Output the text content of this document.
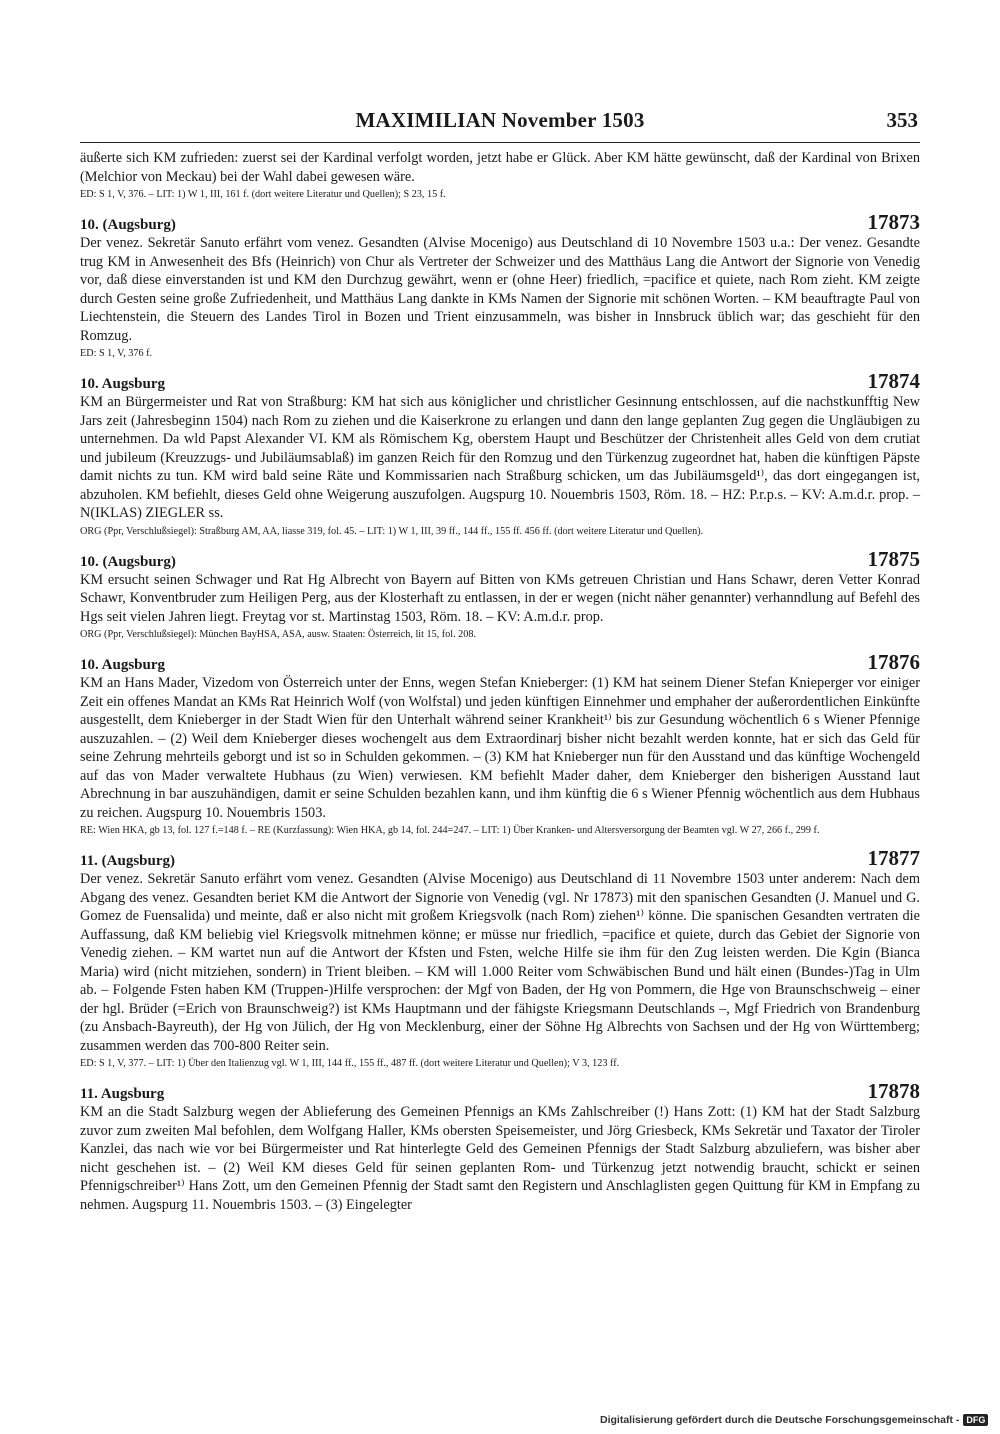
MAXIMILIAN November 1503	353
äußerte sich KM zufrieden: zuerst sei der Kardinal verfolgt worden, jetzt habe er Glück. Aber KM hätte gewünscht, daß der Kardinal von Brixen (Melchior von Meckau) bei der Wahl dabei gewesen wäre.
ED: S 1, V, 376. – LIT: 1) W 1, III, 161 f. (dort weitere Literatur und Quellen); S 23, 15 f.
10. (Augsburg)	17873
Der venez. Sekretär Sanuto erfährt vom venez. Gesandten (Alvise Mocenigo) aus Deutschland di 10 Novembre 1503 u.a.: Der venez. Gesandte trug KM in Anwesenheit des Bfs (Heinrich) von Chur als Vertreter der Schweizer und des Matthäus Lang die Antwort der Signorie von Venedig vor, daß diese einverstanden ist und KM den Durchzug gewährt, wenn er (ohne Heer) friedlich, =pacifice et quiete, nach Rom zieht. KM zeigte durch Gesten seine große Zufriedenheit, und Matthäus Lang dankte in KMs Namen der Signorie mit schönen Worten. – KM beauftragte Paul von Liechtenstein, die Steuern des Landes Tirol in Bozen und Trient einzusammeln, was bisher in Innsbruck üblich war; das geschieht für den Romzug.
ED: S 1, V, 376 f.
10. Augsburg	17874
KM an Bürgermeister und Rat von Straßburg: KM hat sich aus königlicher und christlicher Gesinnung entschlossen, auf die nachstkunfftig New Jars zeit (Jahresbeginn 1504) nach Rom zu ziehen und die Kaiserkrone zu erlangen und dann den lange geplanten Zug gegen die Ungläubigen zu unternehmen. Da wld Papst Alexander VI. KM als Römischem Kg, oberstem Haupt und Beschützer der Christenheit alles Geld von dem crutiat und jubileum (Kreuzzugs- und Jubiläumsablaß) im ganzen Reich für den Romzug und den Türkenzug zugeordnet hat, haben die künftigen Päpste damit nichts zu tun. KM wird bald seine Räte und Kommissarien nach Straßburg schicken, um das Jubiläumsgeld¹⁾, das dort eingegangen ist, abzuholen. KM befiehlt, dieses Geld ohne Weigerung auszufolgen. Augspurg 10. Nouembris 1503, Röm. 18. – HZ: P.r.p.s. – KV: A.m.d.r. prop. – N(IKLAS) ZIEGLER ss.
ORG (Ppr, Verschlußsiegel): Straßburg AM, AA, liasse 319, fol. 45. – LIT: 1) W 1, III, 39 ff., 144 ff., 155 ff. 456 ff. (dort weitere Literatur und Quellen).
10. (Augsburg)	17875
KM ersucht seinen Schwager und Rat Hg Albrecht von Bayern auf Bitten von KMs getreuen Christian und Hans Schawr, deren Vetter Konrad Schawr, Konventbruder zum Heiligen Perg, aus der Klosterhaft zu entlassen, in der er wegen (nicht näher genannter) verhanndlung auf Befehl des Hgs seit vielen Jahren liegt. Freytag vor st. Martinstag 1503, Röm. 18. – KV: A.m.d.r. prop.
ORG (Ppr, Verschlußsiegel): München BayHSA, ASA, ausw. Staaten: Österreich, lit 15, fol. 208.
10. Augsburg	17876
KM an Hans Mader, Vizedom von Österreich unter der Enns, wegen Stefan Knieberger: (1) KM hat seinem Diener Stefan Knieperger vor einiger Zeit ein offenes Mandat an KMs Rat Heinrich Wolf (von Wolfstal) und jeden künftigen Einnehmer und emphaher der außerordentlichen Einkünfte ausgestellt, dem Knieberger in der Stadt Wien für den Unterhalt während seiner Krankheit¹⁾ bis zur Gesundung wöchentlich 6 s Wiener Pfennige auszuzahlen. – (2) Weil dem Knieberger dieses wochengelt aus dem Extraordinarj bisher nicht bezahlt werden konnte, hat er sich das Geld für seine Zehrung mehrteils geborgt und ist so in Schulden gekommen. – (3) KM hat Knieberger nun für den Ausstand und das künftige Wochengeld auf das von Mader verwaltete Hubhaus (zu Wien) verwiesen. KM befiehlt Mader daher, dem Knieberger den bisherigen Ausstand laut Abrechnung in bar auszuhändigen, damit er seine Schulden bezahlen kann, und ihm künftig die 6 s Wiener Pfennig wöchentlich aus dem Hubhaus zu reichen. Augspurg 10. Nouembris 1503.
RE: Wien HKA, gb 13, fol. 127 f.=148 f. – RE (Kurzfassung): Wien HKA, gb 14, fol. 244=247. – LIT: 1) Über Kranken- und Altersversorgung der Beamten vgl. W 27, 266 f., 299 f.
11. (Augsburg)	17877
Der venez. Sekretär Sanuto erfährt vom venez. Gesandten (Alvise Mocenigo) aus Deutschland di 11 Novembre 1503 unter anderem: Nach dem Abgang des venez. Gesandten beriet KM die Antwort der Signorie von Venedig (vgl. Nr 17873) mit den spanischen Gesandten (J. Manuel und G. Gomez de Fuensalida) und meinte, daß er also nicht mit großem Kriegsvolk (nach Rom) ziehen¹⁾ könne. Die spanischen Gesandten vertraten die Auffassung, daß KM beliebig viel Kriegsvolk mitnehmen könne; er müsse nur friedlich, =pacifice et quiete, durch das Gebiet der Signorie von Venedig ziehen. – KM wartet nun auf die Antwort der Kfsten und Fsten, welche Hilfe sie ihm für den Zug leisten werden. Die Kgin (Bianca Maria) wird (nicht mitziehen, sondern) in Trient bleiben. – KM will 1.000 Reiter vom Schwäbischen Bund und hält einen (Bundes-)Tag in Ulm ab. – Folgende Fsten haben KM (Truppen-)Hilfe versprochen: der Mgf von Baden, der Hg von Pommern, die Hge von Braunschschweig – einer der hgl. Brüder (=Erich von Braunschweig?) ist KMs Hauptmann und der fähigste Kriegsmann Deutschlands –, Mgf Friedrich von Brandenburg (zu Ansbach-Bayreuth), der Hg von Jülich, der Hg von Mecklenburg, einer der Söhne Hg Albrechts von Sachsen und der Hg von Württemberg; zusammen werden das 700-800 Reiter sein.
ED: S 1, V, 377. – LIT: 1) Über den Italienzug vgl. W 1, III, 144 ff., 155 ff., 487 ff. (dort weitere Literatur und Quellen); V 3, 123 ff.
11. Augsburg	17878
KM an die Stadt Salzburg wegen der Ablieferung des Gemeinen Pfennigs an KMs Zahlschreiber (!) Hans Zott: (1) KM hat der Stadt Salzburg zuvor zum zweiten Mal befohlen, dem Wolfgang Haller, KMs obersten Speisemeister, und Jörg Griesbeck, KMs Sekretär und Taxator der Tiroler Kanzlei, das nach wie vor bei Bürgermeister und Rat hinterlegte Geld des Gemeinen Pfennigs der Stadt Salzburg abzuliefern, was bisher aber nicht geschehen ist. – (2) Weil KM dieses Geld für seinen geplanten Rom- und Türkenzug jetzt notwendig braucht, schickt er seinen Pfennigschreiber¹⁾ Hans Zott, um den Gemeinen Pfennig der Stadt samt den Registern und Anschlaglisten gegen Quittung für KM in Empfang zu nehmen. Augspurg 11. Nouembris 1503. – (3) Eingelegter
Digitalisierung gefördert durch die Deutsche Forschungsgemeinschaft - DFG
